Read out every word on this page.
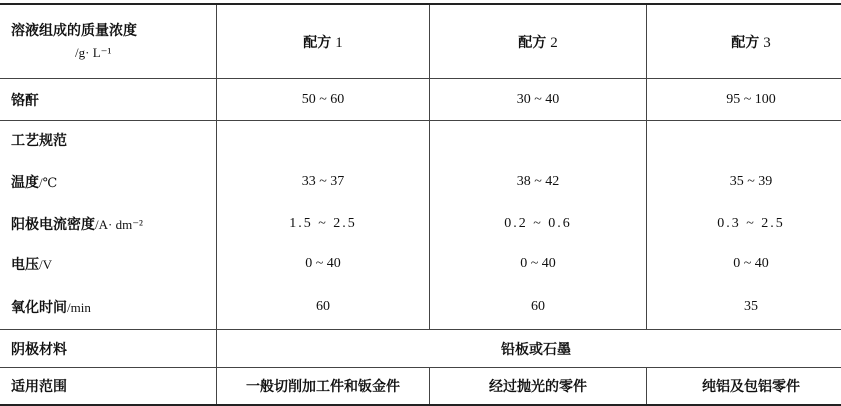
溶液组成的质量浓度
/g· L⁻¹	配方 1	配方 2	配方 3
铬酐	50 ~ 60	30 ~ 40	95 ~ 100
工艺规范			
温度/℃	33 ~ 37	38 ~ 42	35 ~ 39
阳极电流密度/A· dm⁻²	1.5 ~ 2.5	0.2 ~ 0.6	0.3 ~ 2.5
电压/V	0 ~ 40	0 ~ 40	0 ~ 40
氧化时间/min	60	60	35
阴极材料	铅板或石墨		
适用范围	一般切削加工件和钣金件	经过抛光的零件	纯铝及包铝零件
